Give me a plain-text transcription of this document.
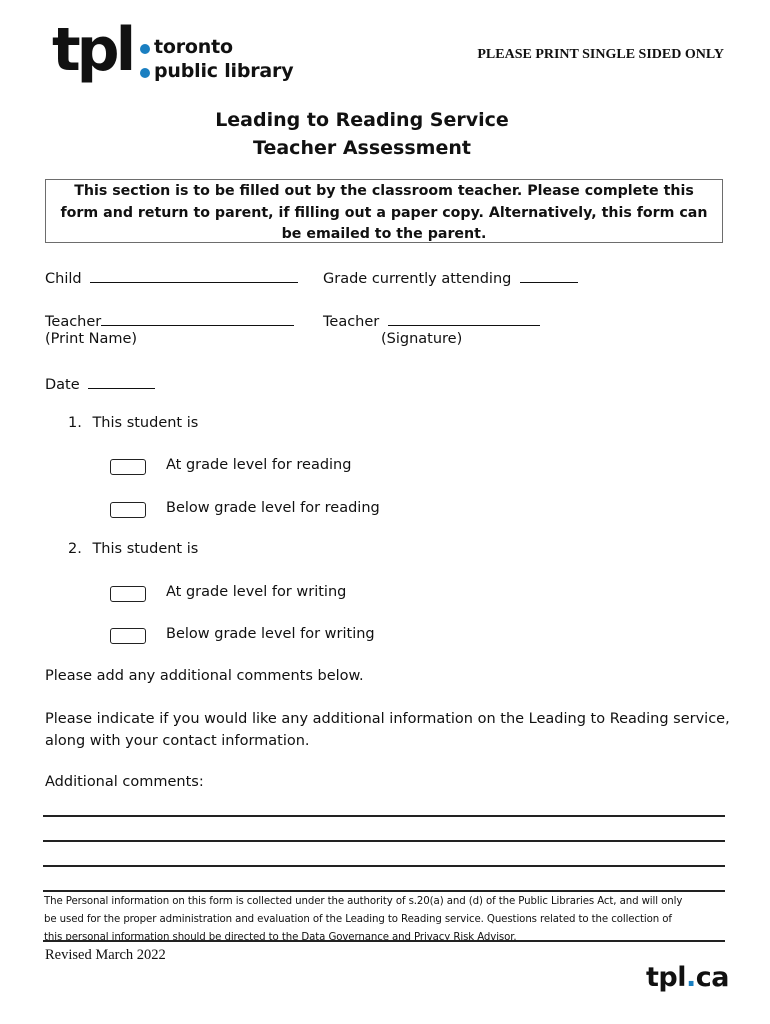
tpl toronto
public library
PLEASE PRINT SINGLE SIDED ONLY
Leading to Reading Service
Teacher Assessment
This section is to be filled out by the classroom teacher. Please complete this
form and return to parent, if filling out a paper copy. Alternatively, this form can
be emailed to the parent.
Child	Grade currently attending
Teacher
(Print Name)
Teacher
(Signature)
Date
1. This student is
At grade level for reading
Below grade level for reading
2. This student is
At grade level for writing
Below grade level for writing
Please add any additional comments below.
Please indicate if you would like any additional information on the Leading to Reading service,
along with your contact information.
Additional comments:
The Personal information on this form is collected under the authority of s.20(a) and (d) of the Public Libraries Act, and will only
be used for the proper administration and evaluation of the Leading to Reading service. Questions related to the collection of
this personal information should be directed to the Data Governance and Privacy Risk Advisor.
Revised March 2022
tpl.ca
